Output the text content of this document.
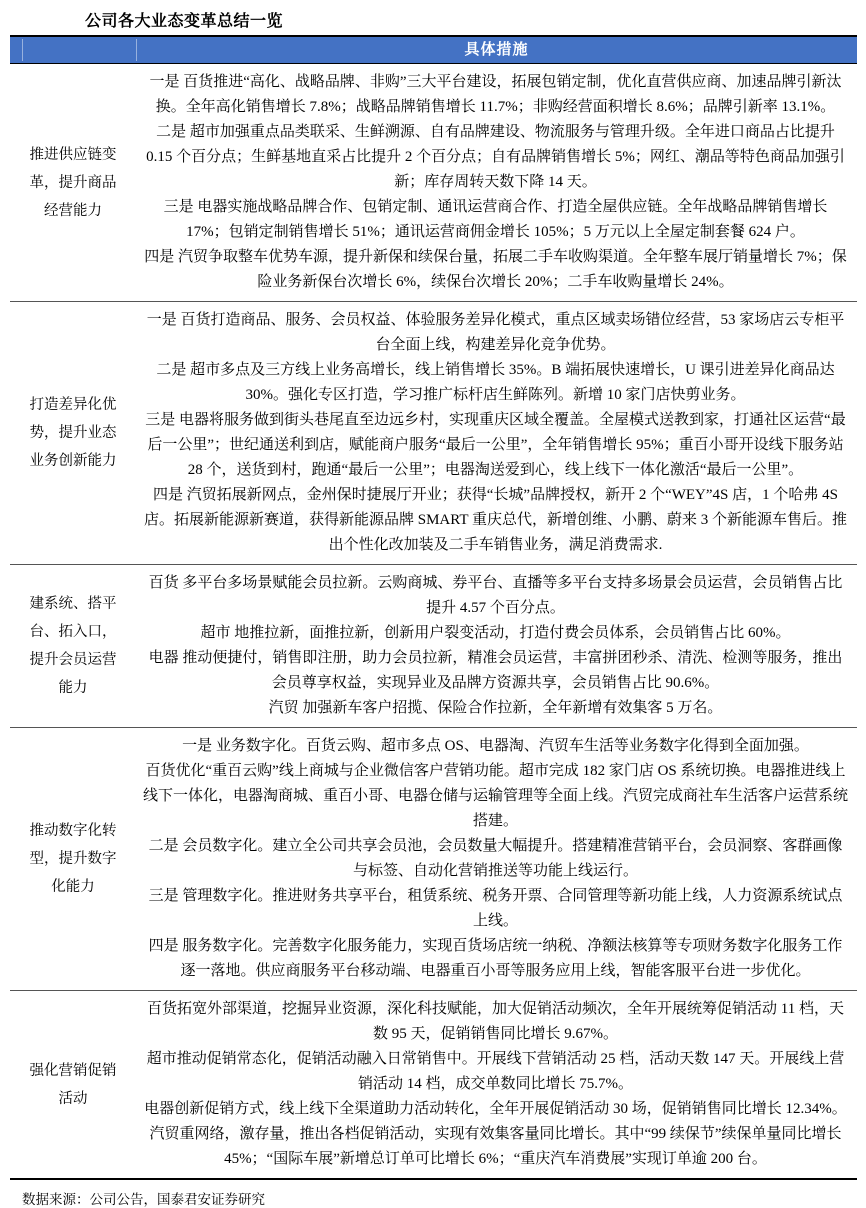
公司各大业态变革总结一览
具体措施
推进供应链变革，提升商品经营能力

一是 百货推进“高化、战略品牌、非购”三大平台建设，拓展包销定制，优化直营供应商、加速品牌引新汰换。全年高化销售增长 7.8%；战略品牌销售增长 11.7%；非购经营面积增长 8.6%；品牌引新率 13.1%。

二是 超市加强重点品类联采、生鲜溯源、自有品牌建设、物流服务与管理升级。全年进口商品占比提升 0.15 个百分点；生鲜基地直采占比提升 2 个百分点；自有品牌销售增长 5%；网红、潮品等特色商品加强引新；库存周转天数下降 14 天。

三是 电器实施战略品牌合作、包销定制、通讯运营商合作、打造全屋供应链。全年战略品牌销售增长 17%；包销定制销售增长 51%；通讯运营商佣金增长 105%；5 万元以上全屋定制套餐 624 户。

四是 汽贸争取整车优势车源，提升新保和续保台量，拓展二手车收购渠道。全年整车展厅销量增长 7%；保险业务新保台次增长 6%，续保台次增长 20%；二手车收购量增长 24%。

打造差异化优势，提升业态业务创新能力

一是 百货打造商品、服务、会员权益、体验服务差异化模式，重点区域卖场错位经营，53 家场店云专柜平台全面上线，构建差异化竞争优势。

二是 超市多点及三方线上业务高增长，线上销售增长 35%。B 端拓展快速增长，U 课引进差异化商品达 30%。强化专区打造，学习推广标杆店生鲜陈列。新增 10 家门店快剪业务。

三是 电器将服务做到街头巷尾直至边远乡村，实现重庆区域全覆盖。全屋模式送教到家，打通社区运营“最后一公里”；世纪通送利到店，赋能商户服务“最后一公里”，全年销售增长 95%；重百小哥开设线下服务站 28 个，送货到村，跑通“最后一公里”；电器淘送爱到心，线上线下一体化激活“最后一公里”。

四是 汽贸拓展新网点，金州保时捷展厅开业；获得“长城”品牌授权，新开 2 个“WEY”4S 店，1 个哈弗 4S 店。拓展新能源新赛道，获得新能源品牌 SMART 重庆总代，新增创维、小鹏、蔚来 3 个新能源车售后。推出个性化改加装及二手车销售业务，满足消费需求.

建系统、搭平台、拓入口，提升会员运营能力

百货 多平台多场景赋能会员拉新。云购商城、券平台、直播等多平台支持多场景会员运营，会员销售占比提升 4.57 个百分点。

超市 地推拉新，面推拉新，创新用户裂变活动，打造付费会员体系，会员销售占比 60%。

电器 推动便捷付，销售即注册，助力会员拉新，精准会员运营，丰富拼团秒杀、清洗、检测等服务，推出会员尊享权益，实现异业及品牌方资源共享，会员销售占比 90.6%。

汽贸 加强新车客户招揽、保险合作拉新，全年新增有效集客 5 万名。

推动数字化转型，提升数字化能力

一是 业务数字化。百货云购、超市多点 OS、电器淘、汽贸车生活等业务数字化得到全面加强。

百货优化“重百云购”线上商城与企业微信客户营销功能。超市完成 182 家门店 OS 系统切换。电器推进线上线下一体化，电器淘商城、重百小哥、电器仓储与运输管理等全面上线。汽贸完成商社车生活客户运营系统搭建。

二是 会员数字化。建立全公司共享会员池，会员数量大幅提升。搭建精准营销平台，会员洞察、客群画像与标签、自动化营销推送等功能上线运行。

三是 管理数字化。推进财务共享平台，租赁系统、税务开票、合同管理等新功能上线，人力资源系统试点上线。

四是 服务数字化。完善数字化服务能力，实现百货场店统一纳税、净额法核算等专项财务数字化服务工作逐一落地。供应商服务平台移动端、电器重百小哥等服务应用上线，智能客服平台进一步优化。

强化营销促销活动

百货拓宽外部渠道，挖掘异业资源，深化科技赋能，加大促销活动频次，全年开展统筹促销活动 11 档，天数 95 天，促销销售同比增长 9.67%。

超市推动促销常态化，促销活动融入日常销售中。开展线下营销活动 25 档，活动天数 147 天。开展线上营销活动 14 档，成交单数同比增长 75.7%。

电器创新促销方式，线上线下全渠道助力活动转化，全年开展促销活动 30 场，促销销售同比增长 12.34%。

汽贸重网络，激存量，推出各档促销活动，实现有效集客量同比增长。其中“99 续保节”续保单量同比增长 45%；“国际车展”新增总订单可比增长 6%；“重庆汽车消费展”实现订单逾 200 台。

数据来源：公司公告，国泰君安证券研究
